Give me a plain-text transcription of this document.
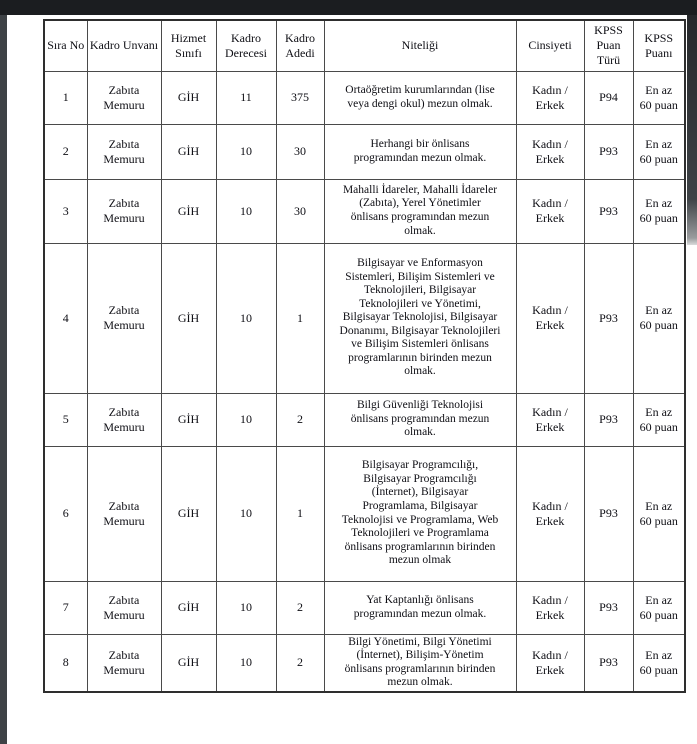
Sıra No	Kadro Unvanı	Hizmet Sınıfı	Kadro Derecesi	Kadro Adedi	Niteliği	Cinsiyeti	KPSS Puan Türü	KPSS Puanı
1	Zabıta Memuru	GİH	11	375	Ortaöğretim kurumlarından (lise veya dengi okul) mezun olmak.	Kadın / Erkek	P94	En az 60 puan
2	Zabıta Memuru	GİH	10	30	Herhangi bir önlisans programından mezun olmak.	Kadın / Erkek	P93	En az 60 puan
3	Zabıta Memuru	GİH	10	30	Mahalli İdareler, Mahalli İdareler (Zabıta), Yerel Yönetimler önlisans programından mezun olmak.	Kadın / Erkek	P93	En az 60 puan
4	Zabıta Memuru	GİH	10	1	Bilgisayar ve Enformasyon Sistemleri, Bilişim Sistemleri ve Teknolojileri, Bilgisayar Teknolojileri ve Yönetimi, Bilgisayar Teknolojisi, Bilgisayar Donanımı, Bilgisayar Teknolojileri ve Bilişim Sistemleri önlisans programlarının birinden mezun olmak.	Kadın / Erkek	P93	En az 60 puan
5	Zabıta Memuru	GİH	10	2	Bilgi Güvenliği Teknolojisi önlisans programından mezun olmak.	Kadın / Erkek	P93	En az 60 puan
6	Zabıta Memuru	GİH	10	1	Bilgisayar Programcılığı, Bilgisayar Programcılığı (İnternet), Bilgisayar Programlama, Bilgisayar Teknolojisi ve Programlama, Web Teknolojileri ve Programlama önlisans programlarının birinden mezun olmak	Kadın / Erkek	P93	En az 60 puan
7	Zabıta Memuru	GİH	10	2	Yat Kaptanlığı önlisans programından mezun olmak.	Kadın / Erkek	P93	En az 60 puan
8	Zabıta Memuru	GİH	10	2	Bilgi Yönetimi, Bilgi Yönetimi (İnternet), Bilişim-Yönetim önlisans programlarının birinden mezun olmak.	Kadın / Erkek	P93	En az 60 puan
